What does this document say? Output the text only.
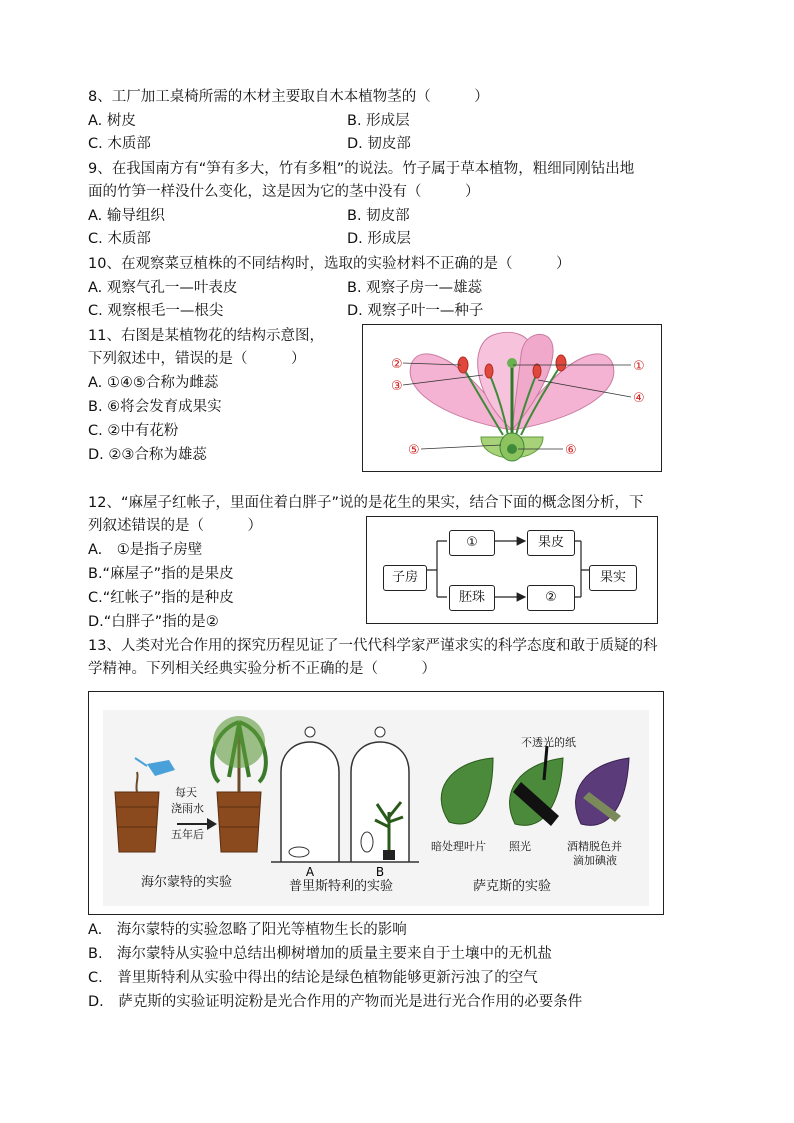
8、工厂加工桌椅所需的木材主要取自木本植物茎的（　　　）
A. 树皮	B. 形成层
C. 木质部	D. 韧皮部
9、在我国南方有“笋有多大，竹有多粗”的说法。竹子属于草本植物，粗细同刚钻出地
面的竹笋一样没什么变化，这是因为它的茎中没有（　　　）
A. 输导组织	B. 韧皮部
C. 木质部	D. 形成层
10、在观察菜豆植株的不同结构时，选取的实验材料不正确的是（　　　）
A. 观察气孔一—叶表皮	B. 观察子房一—雄蕊
C. 观察根毛一—根尖	D. 观察子叶一—种子
11、右图是某植物花的结构示意图，
下列叙述中，错误的是（　　　）
A. ①④⑤合称为雌蕊
B. ⑥将会发育成果实
C. ②中有花粉
D. ②③合称为雄蕊
②
③
①
④
⑤	⑥
12、“麻屋子红帐子，里面住着白胖子”说的是花生的果实，结合下面的概念图分析，下
列叙述错误的是（　　　）
A.　①是指子房壁
B.“麻屋子”指的是果皮
C.“红帐子”指的是种皮
D.“白胖子”指的是②
子房
①	果皮
胚珠	②
果实
13、人类对光合作用的探究历程见证了一代代科学家严谨求实的科学态度和敢于质疑的科
学精神。下列相关经典实验分析不正确的是（　　　）
每天
浇雨水
五年后
海尔蒙特的实验
A	B
普里斯特利的实验
不透光的纸
暗处理叶片 照光	酒精脱色并
滴加碘液
萨克斯的实验
A.　海尔蒙特的实验忽略了阳光等植物生长的影响
B.　海尔蒙特从实验中总结出柳树增加的质量主要来自于土壤中的无机盐
C.　普里斯特利从实验中得出的结论是绿色植物能够更新污浊了的空气
D.　萨克斯的实验证明淀粉是光合作用的产物而光是进行光合作用的必要条件
